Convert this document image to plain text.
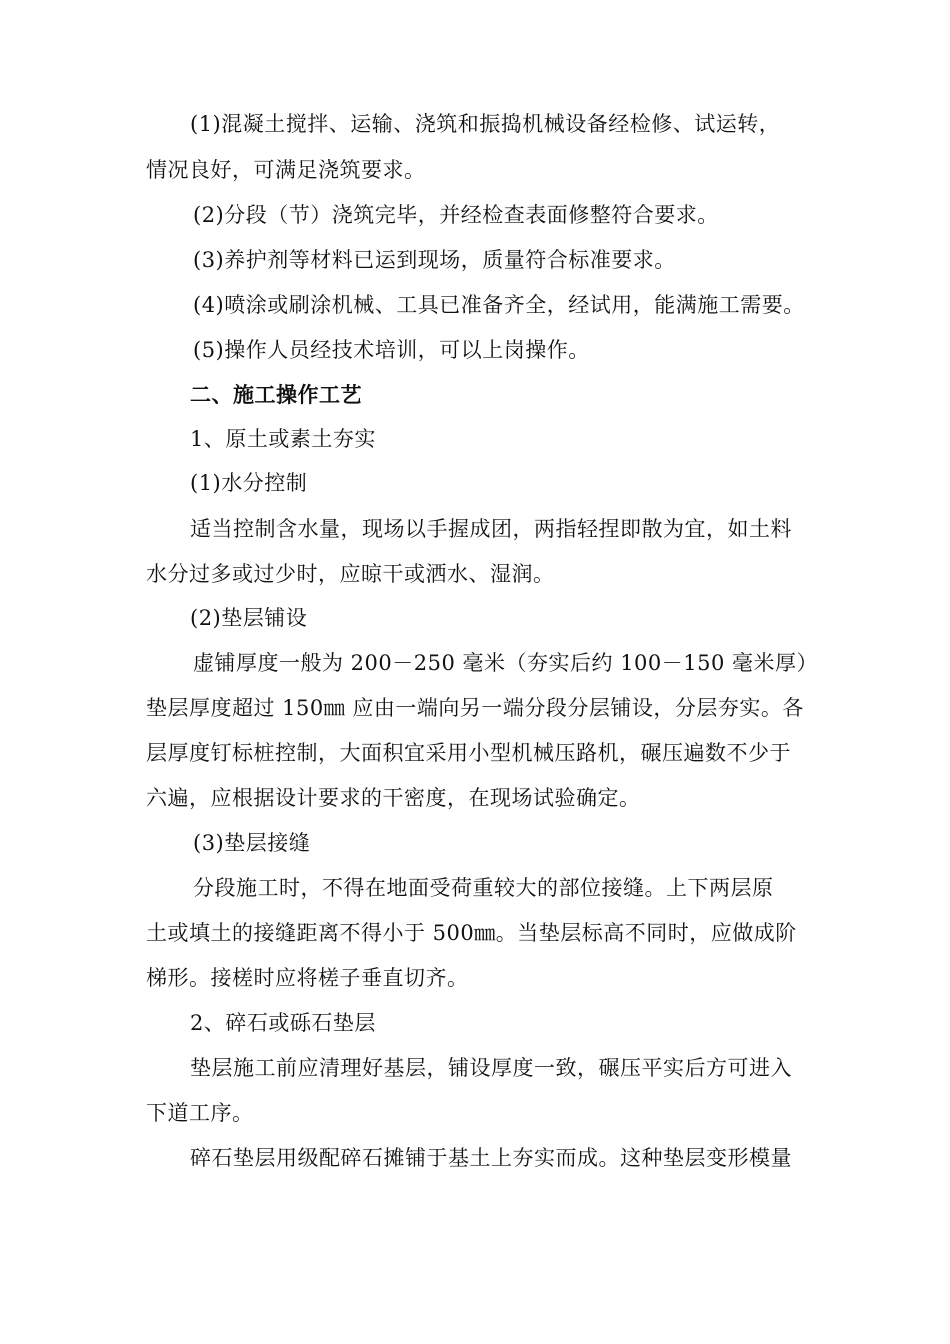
(1)混凝土搅拌、运输、浇筑和振捣机械设备经检修、试运转，
情况良好，可满足浇筑要求。
(2)分段（节）浇筑完毕，并经检查表面修整符合要求。
(3)养护剂等材料已运到现场，质量符合标准要求。
(4)喷涂或刷涂机械、工具已准备齐全，经试用，能满施工需要。
(5)操作人员经技术培训，可以上岗操作。
二、施工操作工艺
1、原土或素土夯实
(1)水分控制
适当控制含水量，现场以手握成团，两指轻捏即散为宜，如土料
水分过多或过少时，应晾干或洒水、湿润。
(2)垫层铺设
虚铺厚度一般为 200－250 毫米（夯实后约 100－150 毫米厚）
垫层厚度超过 150㎜ 应由一端向另一端分段分层铺设，分层夯实。各
层厚度钉标桩控制，大面积宜采用小型机械压路机，碾压遍数不少于
六遍，应根据设计要求的干密度，在现场试验确定。
(3)垫层接缝
分段施工时，不得在地面受荷重较大的部位接缝。上下两层原
土或填土的接缝距离不得小于 500㎜。当垫层标高不同时，应做成阶
梯形。接槎时应将槎子垂直切齐。
2、碎石或砾石垫层
垫层施工前应清理好基层，铺设厚度一致，碾压平实后方可进入
下道工序。
碎石垫层用级配碎石摊铺于基土上夯实而成。这种垫层变形模量
